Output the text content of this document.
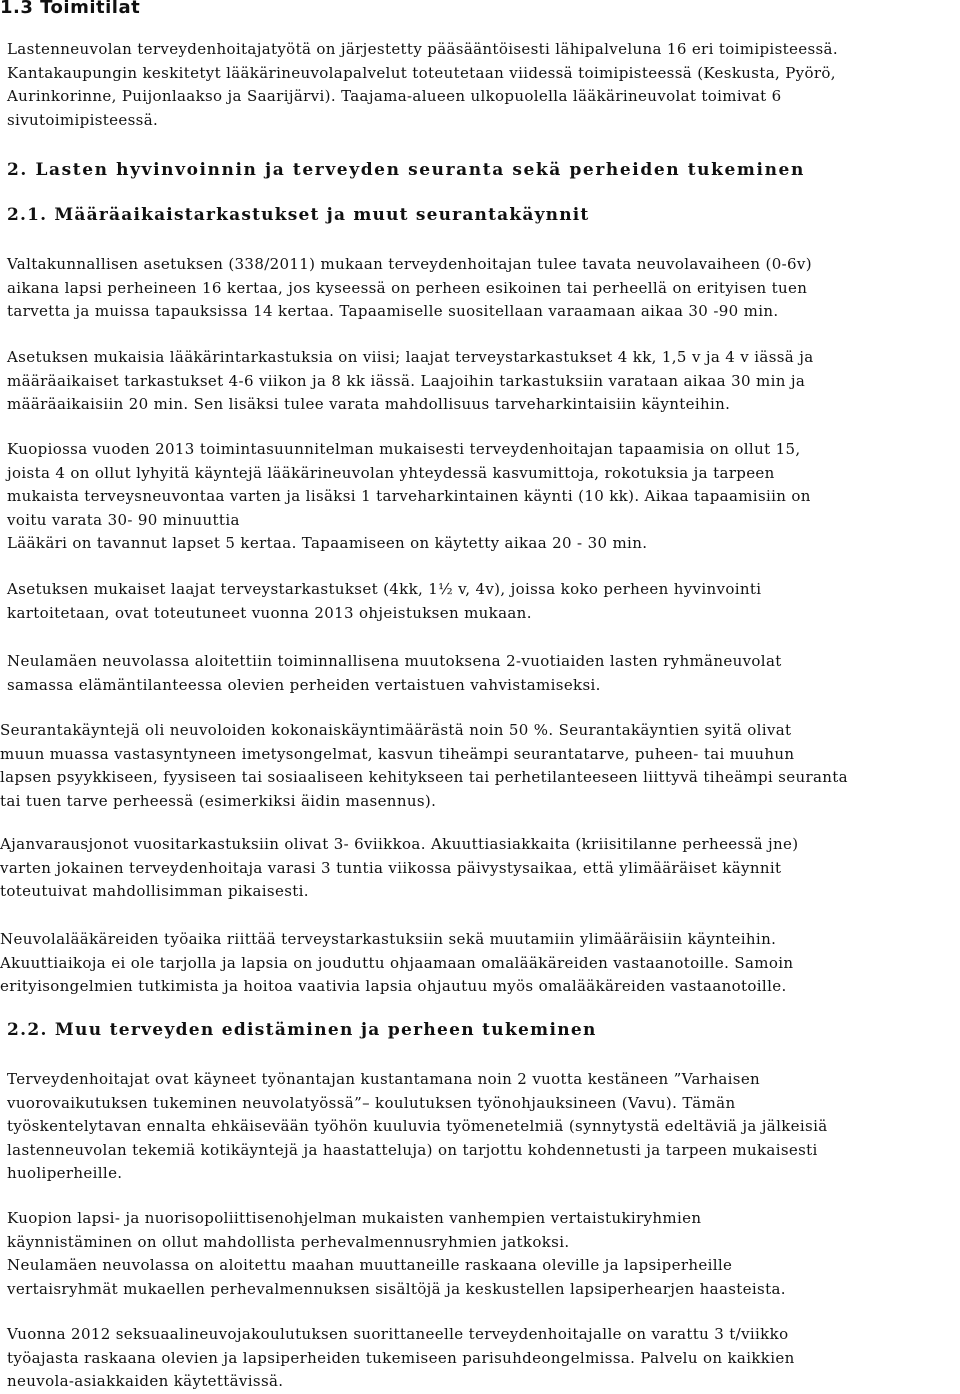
1.3 Toimitilat
Lastenneuvolan terveydenhoitajatyötä on järjestetty pääsääntöisesti lähipalveluna 16 eri toimipisteessä.
Kantakaupungin keskitetyt lääkärineuvolapalvelut toteutetaan viidessä toimipisteessä (Keskusta, Pyörö,
Aurinkorinne, Puijonlaakso ja Saarijärvi). Taajama-alueen ulkopuolella lääkärineuvolat toimivat 6
sivutoimipisteessä.
2. Lasten hyvinvoinnin ja terveyden seuranta sekä perheiden tukeminen
2.1. Määräaikaistarkastukset ja muut seurantakäynnit
Valtakunnallisen asetuksen (338/2011) mukaan terveydenhoitajan tulee tavata neuvolavaiheen (0-6v)
aikana lapsi perheineen 16 kertaa, jos kyseessä on perheen esikoinen tai perheellä on erityisen tuen
tarvetta ja muissa tapauksissa 14 kertaa. Tapaamiselle suositellaan varaamaan aikaa 30 -90 min.
Asetuksen mukaisia lääkärintarkastuksia on viisi; laajat terveystarkastukset 4 kk, 1,5 v ja 4 v iässä ja
määräaikaiset tarkastukset 4-6 viikon ja 8 kk iässä. Laajoihin tarkastuksiin varataan aikaa 30 min ja
määräaikaisiin 20 min. Sen lisäksi tulee varata mahdollisuus tarveharkintaisiin käynteihin.
Kuopiossa vuoden 2013 toimintasuunnitelman mukaisesti terveydenhoitajan tapaamisia on ollut 15,
joista 4 on ollut lyhyitä käyntejä lääkärineuvolan yhteydessä kasvumittoja, rokotuksia ja tarpeen
mukaista terveysneuvontaa varten ja lisäksi 1 tarveharkintainen käynti (10 kk). Aikaa tapaamisiin on
voitu varata 30- 90 minuuttia
Lääkäri on tavannut lapset 5 kertaa. Tapaamiseen on käytetty aikaa 20 - 30 min.
Asetuksen mukaiset laajat terveystarkastukset (4kk, 1½ v, 4v), joissa koko perheen hyvinvointi
kartoitetaan, ovat toteutuneet vuonna 2013 ohjeistuksen mukaan.
Neulamäen neuvolassa aloitettiin toiminnallisena muutoksena 2-vuotiaiden lasten ryhmäneuvolat
samassa elämäntilanteessa olevien perheiden vertaistuen vahvistamiseksi.
Seurantakäyntejä oli neuvoloiden kokonaiskäyntimäärästä noin 50 %. Seurantakäyntien syitä olivat
muun muassa vastasyntyneen imetysongelmat, kasvun tiheämpi seurantatarve, puheen- tai muuhun
lapsen psyykkiseen, fyysiseen tai sosiaaliseen kehitykseen tai perhetilanteeseen liittyvä tiheämpi seuranta
tai tuen tarve perheessä (esimerkiksi äidin masennus).
Ajanvarausjonot vuositarkastuksiin olivat 3- 6viikkoa. Akuuttiasiakkaita (kriisitilanne perheessä jne)
varten jokainen terveydenhoitaja varasi 3 tuntia viikossa päivystysaikaa, että ylimääräiset käynnit
toteutuivat mahdollisimman pikaisesti.
Neuvolalääkäreiden työaika riittää terveystarkastuksiin sekä muutamiin ylimääräisiin käynteihin.
Akuuttiaikoja ei ole tarjolla ja lapsia on jouduttu ohjaamaan omalääkäreiden vastaanotoille. Samoin
erityisongelmien tutkimista ja hoitoa vaativia lapsia ohjautuu myös omalääkäreiden vastaanotoille.
2.2. Muu terveyden edistäminen ja perheen tukeminen
Terveydenhoitajat ovat käyneet työnantajan kustantamana noin 2 vuotta kestäneen ”Varhaisen
vuorovaikutuksen tukeminen neuvolatyössä”– koulutuksen työnohjauksineen (Vavu). Tämän
työskentelytavan ennalta ehkäisevään työhön kuuluvia työmenetelmiä (synnytystä edeltäviä ja jälkeisiä
lastenneuvolan tekemiä kotikäyntejä ja haastatteluja) on tarjottu kohdennetusti ja tarpeen mukaisesti
huoliperheille.
Kuopion lapsi- ja nuorisopoliittisenohjelman mukaisten vanhempien vertaistukiryhmien
käynnistäminen on ollut mahdollista perhevalmennusryhmien jatkoksi.
Neulamäen neuvolassa on aloitettu maahan muuttaneille raskaana oleville ja lapsiperheille
vertaisryhmät mukaellen perhevalmennuksen sisältöjä ja keskustellen lapsiperhearjen haasteista.
Vuonna 2012 seksuaalineuvojakoulutuksen suorittaneelle terveydenhoitajalle on varattu 3 t/viikko
työajasta raskaana olevien ja lapsiperheiden tukemiseen parisuhdeongelmissa. Palvelu on kaikkien
neuvola-asiakkaiden käytettävissä.
